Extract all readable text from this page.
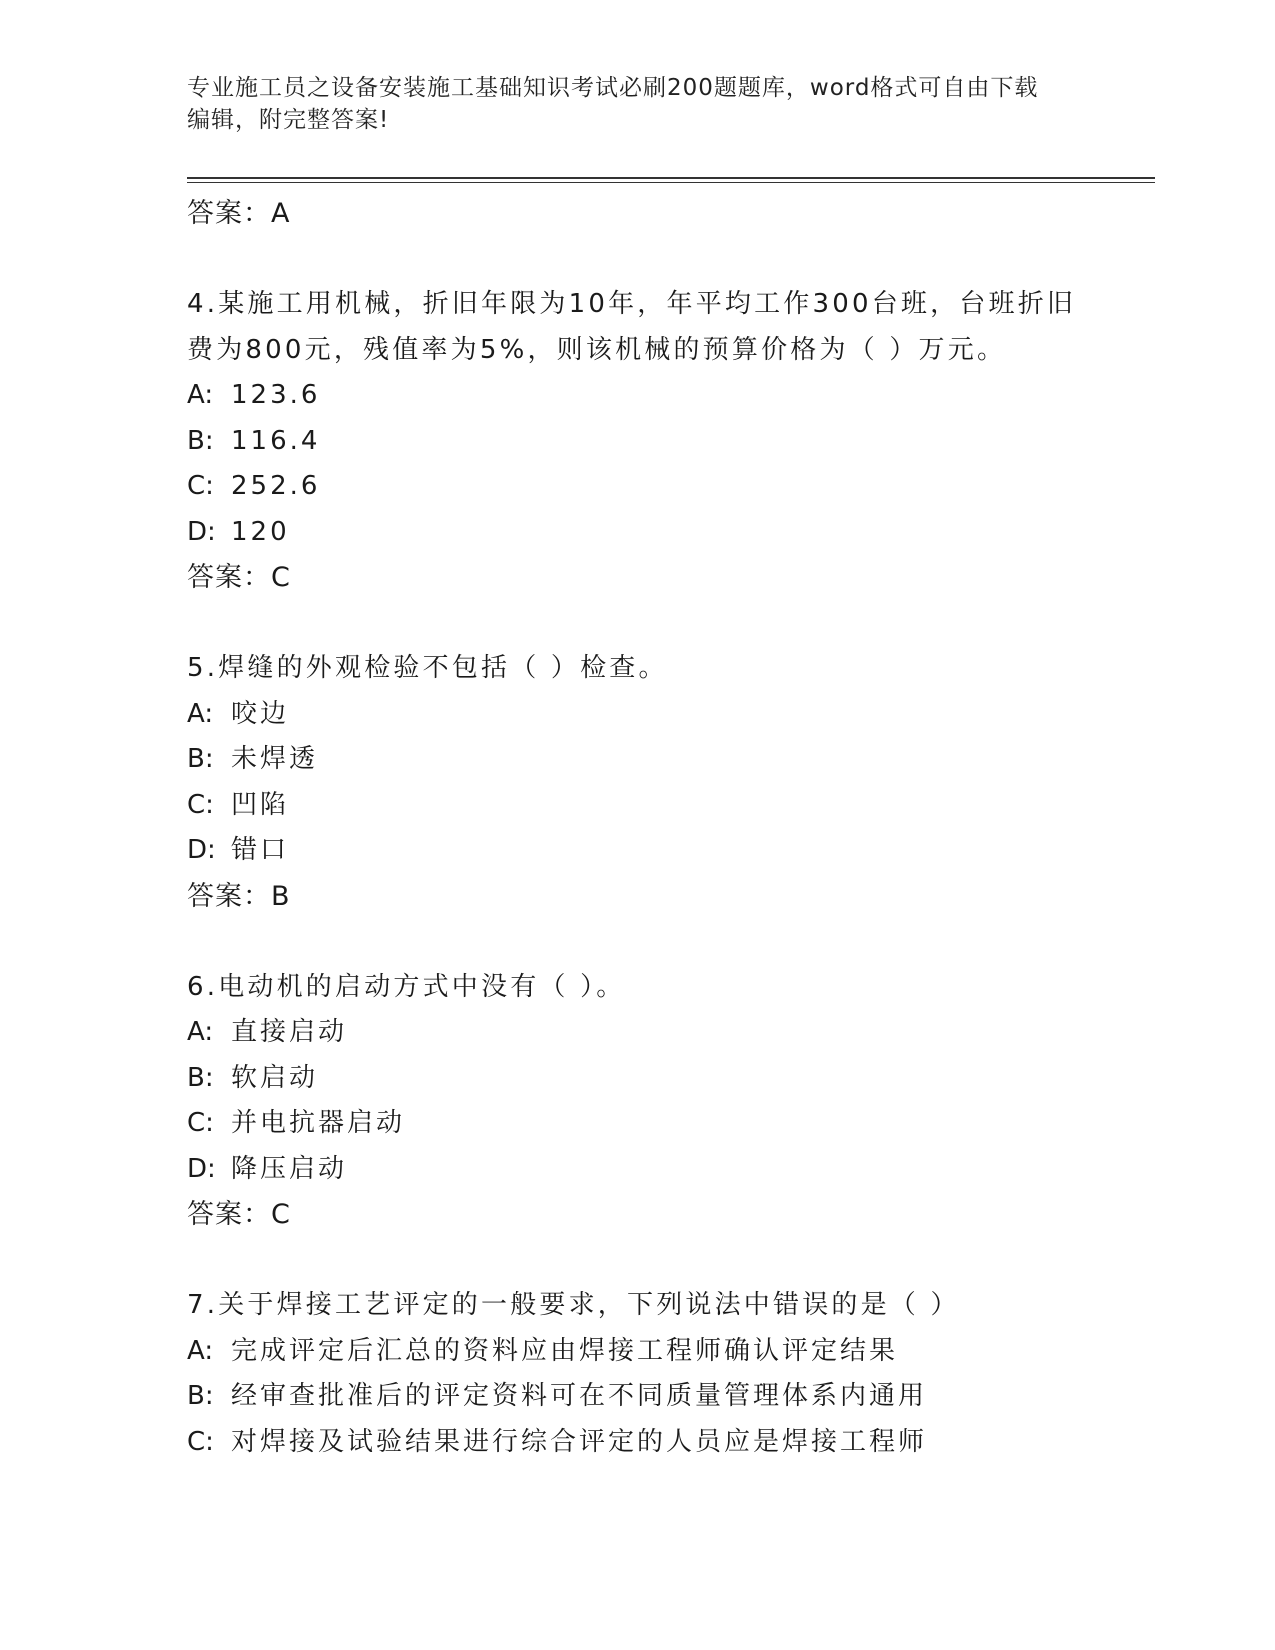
专业施工员之设备安装施工基础知识考试必刷200题题库，word格式可自由下载
编辑，附完整答案!
答案：A
4.某施工用机械，折旧年限为10年，年平均工作300台班，台班折旧
费为800元，残值率为5%，则该机械的预算价格为（ ）万元。
A: 123.6
B: 116.4
C: 252.6
D: 120
答案：C
5.焊缝的外观检验不包括（ ）检查。
A: 咬边
B: 未焊透
C: 凹陷
D: 错口
答案：B
6.电动机的启动方式中没有（ ）。
A: 直接启动
B: 软启动
C: 并电抗器启动
D: 降压启动
答案：C
7.关于焊接工艺评定的一般要求，下列说法中错误的是（ ）
A: 完成评定后汇总的资料应由焊接工程师确认评定结果
B: 经审查批准后的评定资料可在不同质量管理体系内通用
C: 对焊接及试验结果进行综合评定的人员应是焊接工程师
